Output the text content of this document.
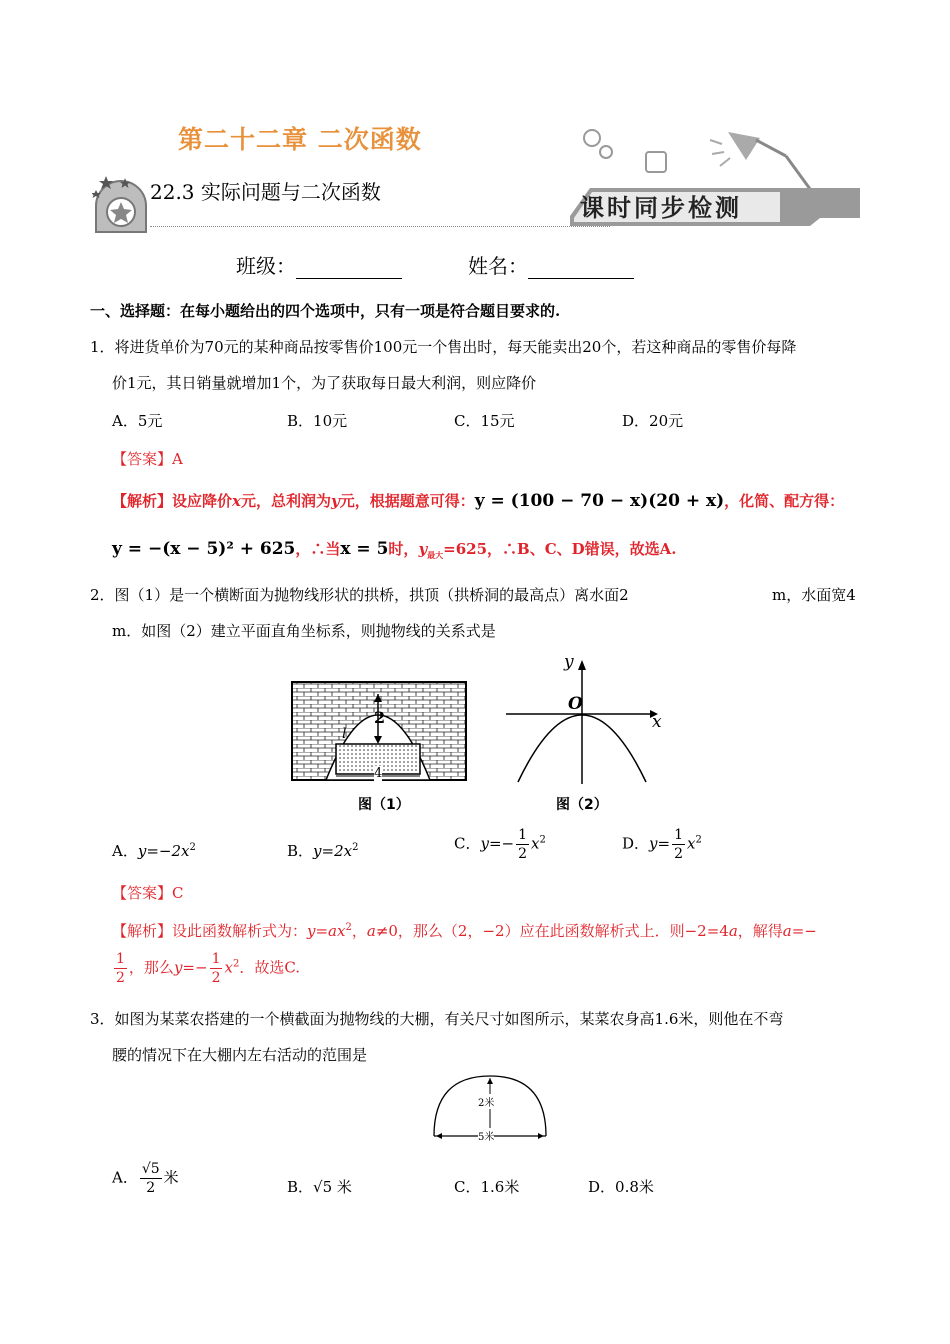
第二十二章 二次函数
22.3 实际问题与二次函数
课时同步检测
班级：	姓名：
一、选择题：在每小题给出的四个选项中，只有一项是符合题目要求的.
1．将进货单价为70元的某种商品按零售价100元一个售出时，每天能卖出20个，若这种商品的零售价每降
价1元，其日销量就增加1个，为了获取每日最大利润，则应降价
A．5元	B．10元	C．15元	D．20元
【答案】A
【解析】设应降价x元，总利润为y元，根据题意可得：y = (100 − 70 − x)(20 + x)，化简、配方得：
y = −(x − 5)² + 625，∴当x = 5时，$y_{最大}=625$，∴B、C、D错误，故选A.
2．图（1）是一个横断面为抛物线形状的拱桥，拱顶（拱桥洞的最高点）离水面2	m，水面宽4
m．如图（2）建立平面直角坐标系，则抛物线的关系式是
2
4
l
图（1）
y
x
O
图（2）
A．$y=-2x^2$	B．$y=2x^2$	C．$y=- \frac{1}{2} x^2$	D．$y= \frac{1}{2} x^2$
【答案】C
【解析】设此函数解析式为：$y=ax^2$，a≠0，那么（2，−2）应在此函数解析式上．则−2=4a，解得a=−
$\frac{1}{2}$ ，那么$y=- \frac{1}{2} x^2$．故选C.
3．如图为某菜农搭建的一个横截面为抛物线的大棚，有关尺寸如图所示，某菜农身高1.6米，则他在不弯
腰的情况下在大棚内左右活动的范围是
2米
5米
A． $\frac{√5}{2}$ 米
B．√5 米	C．1.6米	D．0.8米
